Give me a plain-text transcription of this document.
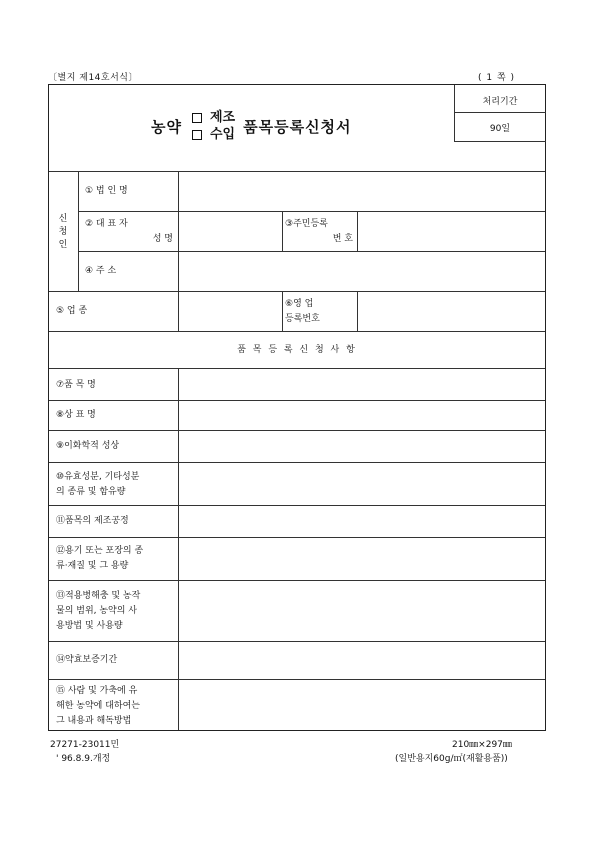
〔별지 제14호서식〕	( 1 쪽 )
농약 제조
수입 품목등록신청서
처리기간
90일
신
청
인
① 법 인 명
② 대 표 자
성 명
③주민등록
번 호
④ 주 소
⑤ 업 종
⑥영 업
등록번호
품 목 등 록 신 청 사 항
⑦품 목 명
⑧상 표 명
⑨이화학적 성상
⑩유효성분, 기타성분
의 종류 및 함유량
⑪품목의 제조공정
⑫용기 또는 포장의 종
류·재질 및 그 용량
⑬적용병해충 및 농작
물의 범위, 농약의 사
용방법 및 사용량
⑭약효보증기간
⑮ 사람 및 가축에 유
해한 농약에 대하여는
그 내용과 해독방법
27271-23011민
' 96.8.9.개정
210㎜×297㎜
(일반용지60g/㎡(재활용품))
